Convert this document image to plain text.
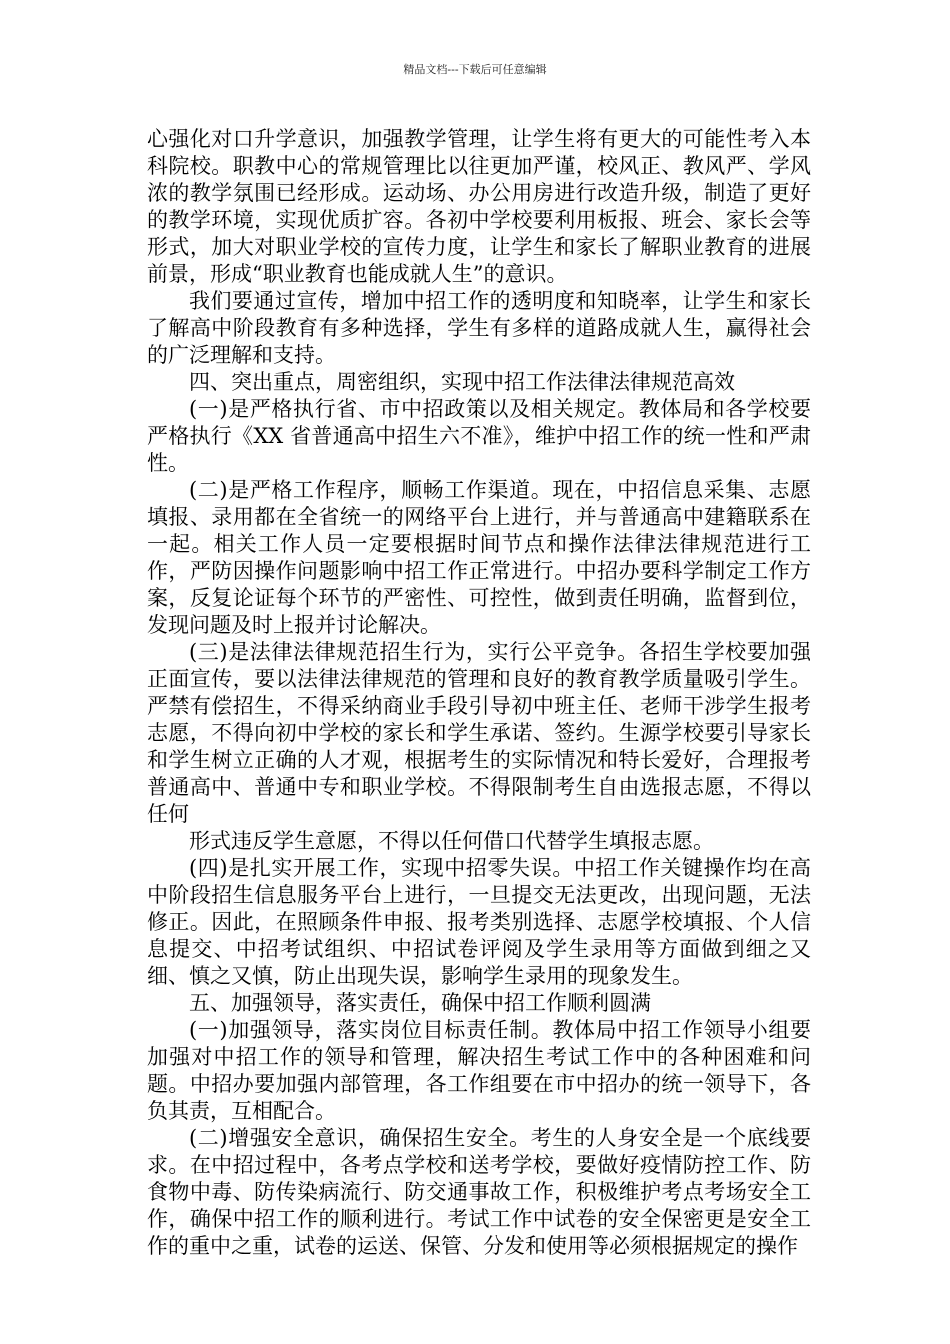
精品文档---下载后可任意编辑

心强化对口升学意识，加强教学管理，让学生将有更大的可能性考入本科院校。职教中心的常规管理比以往更加严谨，校风正、教风严、学风浓的教学氛围已经形成。运动场、办公用房进行改造升级，制造了更好的教学环境，实现优质扩容。各初中学校要利用板报、班会、家长会等形式，加大对职业学校的宣传力度，让学生和家长了解职业教育的进展前景，形成“职业教育也能成就人生”的意识。

我们要通过宣传，增加中招工作的透明度和知晓率，让学生和家长了解高中阶段教育有多种选择，学生有多样的道路成就人生，赢得社会的广泛理解和支持。

四、突出重点，周密组织，实现中招工作法律法律规范高效

(一)是严格执行省、市中招政策以及相关规定。教体局和各学校要严格执行《XX 省普通高中招生六不准》，维护中招工作的统一性和严肃性。

(二)是严格工作程序，顺畅工作渠道。现在，中招信息采集、志愿填报、录用都在全省统一的网络平台上进行，并与普通高中建籍联系在一起。相关工作人员一定要根据时间节点和操作法律法律规范进行工作，严防因操作问题影响中招工作正常进行。中招办要科学制定工作方案，反复论证每个环节的严密性、可控性，做到责任明确，监督到位，发现问题及时上报并讨论解决。

(三)是法律法律规范招生行为，实行公平竞争。各招生学校要加强正面宣传，要以法律法律规范的管理和良好的教育教学质量吸引学生。严禁有偿招生，不得采纳商业手段引导初中班主任、老师干涉学生报考志愿，不得向初中学校的家长和学生承诺、签约。生源学校要引导家长和学生树立正确的人才观，根据考生的实际情况和特长爱好，合理报考普通高中、普通中专和职业学校。不得限制考生自由选报志愿，不得以任何

形式违反学生意愿，不得以任何借口代替学生填报志愿。

(四)是扎实开展工作，实现中招零失误。中招工作关键操作均在高中阶段招生信息服务平台上进行，一旦提交无法更改，出现问题，无法修正。因此，在照顾条件申报、报考类别选择、志愿学校填报、个人信息提交、中招考试组织、中招试卷评阅及学生录用等方面做到细之又细、慎之又慎，防止出现失误，影响学生录用的现象发生。

五、加强领导，落实责任，确保中招工作顺利圆满

(一)加强领导，落实岗位目标责任制。教体局中招工作领导小组要加强对中招工作的领导和管理，解决招生考试工作中的各种困难和问题。中招办要加强内部管理，各工作组要在市中招办的统一领导下，各负其责，互相配合。

(二)增强安全意识，确保招生安全。考生的人身安全是一个底线要求。在中招过程中，各考点学校和送考学校，要做好疫情防控工作、防食物中毒、防传染病流行、防交通事故工作，积极维护考点考场安全工作，确保中招工作的顺利进行。考试工作中试卷的安全保密更是安全工作的重中之重，试卷的运送、保管、分发和使用等必须根据规定的操作
